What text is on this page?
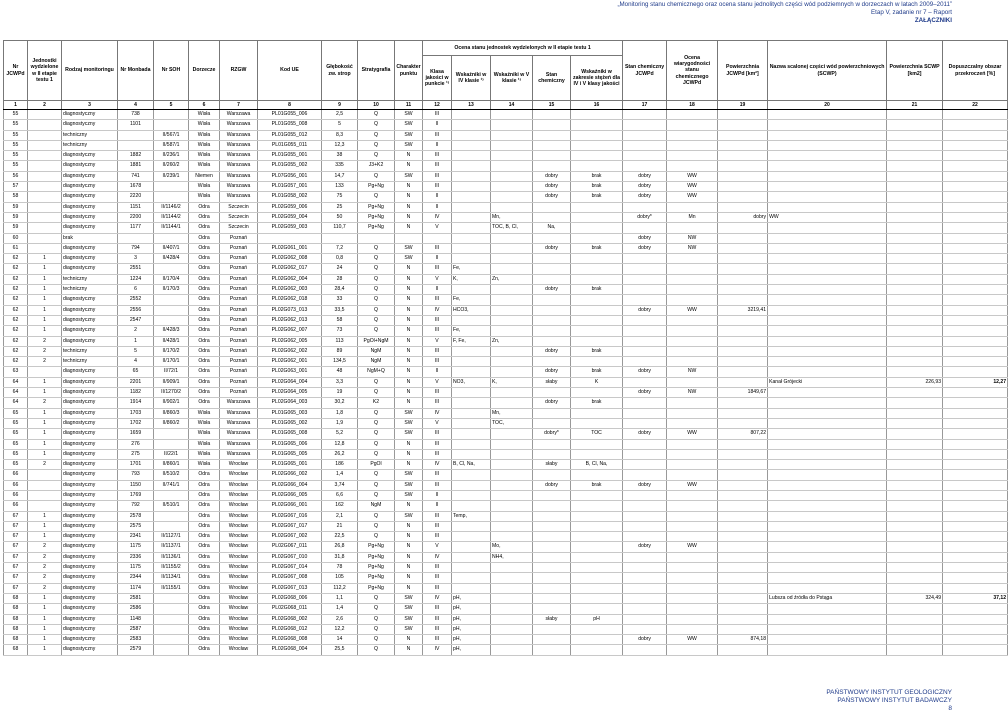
„Monitoring stanu chemicznego oraz ocena stanu jednolitych części wód podziemnych w dorzeczach w latach 2009–2011”
Etap V, zadanie nr 7 – Raport
ZAŁĄCZNIKI
Nr JCWPd	Jednostki wydzielone w II etapie testu 1	Rodzaj monitoringu	Nr Monbada	Nr SOH	Dorzecze	RZGW	Kod UE	Głębokość zw. strop	Stratygrafia	Charakter punktu	Ocena stanu jednostek wydzielonych w II etapie testu 1					Stan chemiczny JCWPd	Ocena wiarygodności stanu chemicznego JCWPd	Powierzchnia JCWPd [km²]	Nazwa scalonej części wód powierzchniowych (SCWP)	Powierzchnia SCWP [km2]	Dopuszczalny obszar przekroczeń [%]
											Klasa jakości w punkcie ¹⁾	Wskaźniki w IV klasie ¹⁾	Wskaźniki w V klasie ¹⁾	Stan chemiczny	Wskaźniki w zakresie stężeń dla IV i V klasy jakości						
1	2	3	4	5	6	7	8	9	10	11	12	13	14	15	16	17	18	19	20	21	22
55		diagnostyczny	738		Wisła	Warszawa	PL01G055_006	2,5	Q	SW	III										
55		diagnostyczny	1101		Wisła	Warszawa	PL01G055_008	5	Q	SW	II										
55		techniczny		II/567/1	Wisła	Warszawa	PL01G055_012	8,3	Q	SW	III										
55		techniczny		II/587/1	Wisła	Warszawa	PL01G055_011	12,3	Q	SW	II										
55		diagnostyczny	1882	II/236/1	Wisła	Warszawa	PL01G055_001	38	Q	N	III										
55		diagnostyczny	1881	II/260/2	Wisła	Warszawa	PL01G055_002	335	J3+K2	N	III										
56		diagnostyczny	741	II/239/1	Niemen	Warszawa	PL07G056_001	14,7	Q	SW	III			dobry	brak	dobry	WW				
57		diagnostyczny	1678		Wisła	Warszawa	PL01G057_001	133	Pg+Ng	N	III			dobry	brak	dobry	WW				
58		diagnostyczny	2220		Wisła	Warszawa	PL01G058_002	75	Q	N	II			dobry	brak	dobry	WW				
59		diagnostyczny	1151	II/1146/2	Odra	Szczecin	PL02G059_006	25	Pg+Ng	N	II										
59		diagnostyczny	2200	II/1144/2	Odra	Szczecin	PL02G059_004	50	Pg+Ng	N	IV		Mn,			dobry*	Mn	dobry	WW		
59		diagnostyczny	1177	II/1144/1	Odra	Szczecin	PL02G059_003	110,7	Pg+Ng	N	V		TOC, B, Cl,	Na,							
60		brak			Odra	Poznań										dobry	NW				
61		diagnostyczny	794	II/407/1	Odra	Poznań	PL02G061_001	7,2	Q	SW	III			dobry	brak	dobry	NW				
62	1	diagnostyczny	3	II/428/4	Odra	Poznań	PL02G062_008	0,8	Q	SW	II										
62	1	diagnostyczny	2551		Odra	Poznań	PL02G062_017	24	Q	N	III	Fe,									
62	1	techniczny	1224	II/170/4	Odra	Poznań	PL02G062_004	28	Q	N	V	K,	Zn,								
62	1	techniczny	6	II/170/3	Odra	Poznań	PL02G062_003	28,4	Q	N	II			dobry	brak						
62	1	diagnostyczny	2552		Odra	Poznań	PL02G062_018	33	Q	N	III	Fe,									
62	1	diagnostyczny	2556		Odra	Poznań	PL02G073_013	33,5	Q	N	IV	HCO3,				dobry	WW	3219,41			
62	1	diagnostyczny	2547		Odra	Poznań	PL02G062_013	58	Q	N	III										
62	1	diagnostyczny	2	II/428/3	Odra	Poznań	PL02G062_007	73	Q	N	III	Fe,									
62	2	diagnostyczny	1	II/428/1	Odra	Poznań	PL02G062_005	113	PgOl+NgM	N	V	F, Fe,	Zn,								
62	2	techniczny	5	II/170/2	Odra	Poznań	PL02G062_002	89	NgM	N	III			dobry	brak						
62	2	techniczny	4	II/170/1	Odra	Poznań	PL02G062_001	134,5	NgM	N	III										
63		diagnostyczny	65	II/72/1	Odra	Poznań	PL02G063_001	48	NgM+Q	N	II			dobry	brak	dobry	NW				
64	1	diagnostyczny	2201	II/909/1	Odra	Poznań	PL02G064_004	3,3	Q	N	V	NO3,	K,	słaby	K				Kanał Grójecki	226,93	12,27
64	1	diagnostyczny	1182	II/1270/2	Odra	Poznań	PL02G064_005	19	Q	N	III					dobry	NW	1849,67			
64	2	diagnostyczny	1914	II/902/1	Odra	Warszawa	PL02G064_003	30,2	K2	N	III			dobry	brak						
65	1	diagnostyczny	1703	II/860/3	Wisła	Warszawa	PL01G065_003	1,8	Q	SW	IV		Mn,								
65	1	diagnostyczny	1702	II/860/2	Wisła	Warszawa	PL01G065_002	1,9	Q	SW	V		TOC,								
65	1	diagnostyczny	1659		Wisła	Warszawa	PL01G065_008	5,2	Q	SW	III			dobry*	TOC	dobry	WW	807,22			
65	1	diagnostyczny	276		Wisła	Warszawa	PL01G065_006	12,8	Q	N	III										
65	1	diagnostyczny	275	II/22/1	Wisła	Warszawa	PL01G065_005	26,2	Q	N	III										
65	2	diagnostyczny	1701	II/860/1	Wisła	Wrocław	PL01G065_001	186	PgOl	N	IV	B, Cl, Na,		słaby	B, Cl, Na,						
66		diagnostyczny	793	II/510/2	Odra	Wrocław	PL02G066_002	1,4	Q	SW	III										
66		diagnostyczny	1150	II/741/1	Odra	Wrocław	PL02G066_004	3,74	Q	SW	III			dobry	brak	dobry	WW				
66		diagnostyczny	1769		Odra	Wrocław	PL02G066_005	6,6	Q	SW	II										
66		diagnostyczny	792	II/510/1	Odra	Wrocław	PL02G066_001	162	NgM	N	II										
67	1	diagnostyczny	2578		Odra	Wrocław	PL02G067_016	2,1	Q	SW	III	Temp,									
67	1	diagnostyczny	2575		Odra	Wrocław	PL02G067_017	21	Q	N	III										
67	1	diagnostyczny	2341	II/1127/1	Odra	Wrocław	PL02G067_002	22,5	Q	N	III										
67	2	diagnostyczny	1175	II/1137/1	Odra	Wrocław	PL02G067_011	26,8	Pg+Ng	N	V		Mo,			dobry	WW				
67	2	diagnostyczny	2336	II/1136/1	Odra	Wrocław	PL02G067_010	31,8	Pg+Ng	N	IV		NH4,								
67	2	diagnostyczny	1175	II/1155/2	Odra	Wrocław	PL02G067_014	78	Pg+Ng	N	III										
67	2	diagnostyczny	2344	II/1134/1	Odra	Wrocław	PL02G067_008	105	Pg+Ng	N	III										
67	2	diagnostyczny	1174	II/1155/1	Odra	Wrocław	PL02G067_013	112,2	Pg+Ng	N	III										
68	1	diagnostyczny	2581		Odra	Wrocław	PL02G068_006	1,1	Q	SW	IV	pH,							Lubsza od źródła do Pstąga	324,49	37,12
68	1	diagnostyczny	2586		Odra	Wrocław	PL02G068_011	1,4	Q	SW	III	pH,									
68	1	diagnostyczny	1148		Odra	Wrocław	PL02G068_002	2,6	Q	SW	III	pH,		słaby	pH						
68	1	diagnostyczny	2587		Odra	Wrocław	PL02G068_012	12,2	Q	SW	III	pH,									
68	1	diagnostyczny	2583		Odra	Wrocław	PL02G068_008	14	Q	N	III	pH,				dobry	WW	874,18			
68	1	diagnostyczny	2579		Odra	Wrocław	PL02G068_004	25,5	Q	N	IV	pH,									
PAŃSTWOWY INSTYTUT GEOLOGICZNY
PAŃSTWOWY INSTYTUT BADAWCZY
8
